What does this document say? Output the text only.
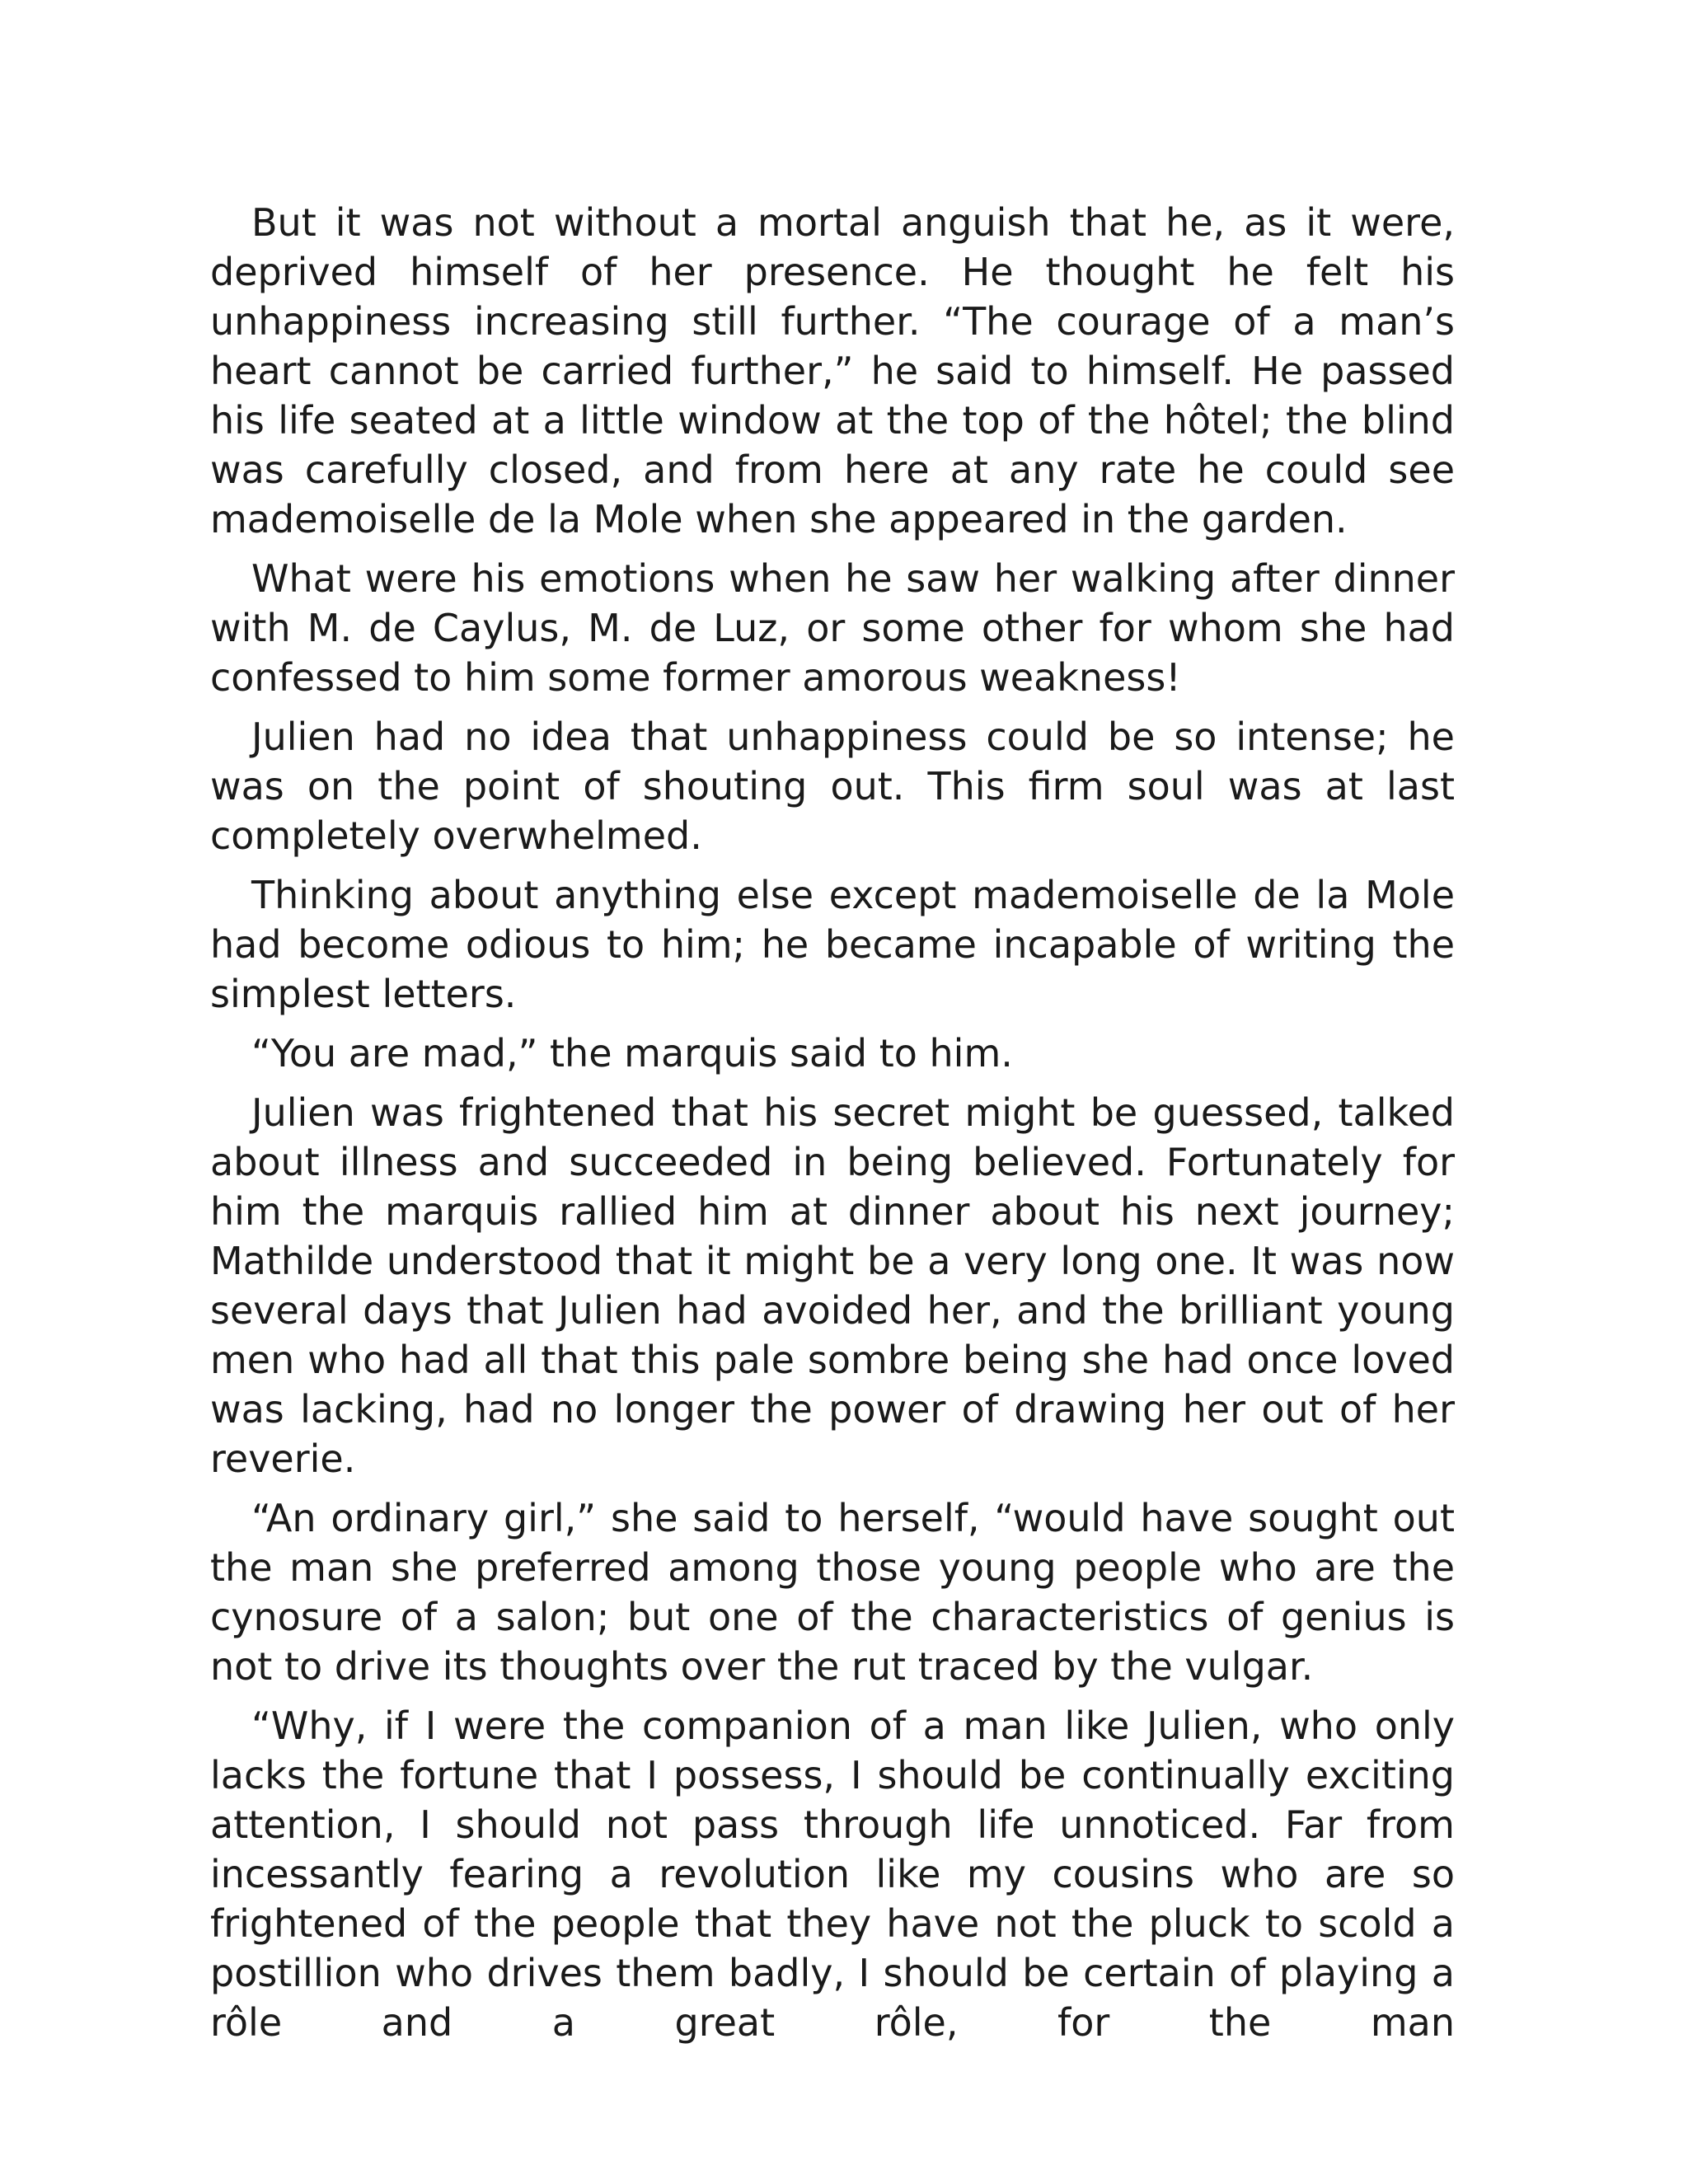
But it was not without a mortal anguish that he, as it were, deprived himself of her presence. He thought he felt his unhappiness increasing still further. “The courage of a man’s heart cannot be carried further,” he said to himself. He passed his life seated at a little window at the top of the hôtel; the blind was carefully closed, and from here at any rate he could see mademoiselle de la Mole when she appeared in the garden.

What were his emotions when he saw her walking after dinner with M. de Caylus, M. de Luz, or some other for whom she had confessed to him some former amorous weakness!

Julien had no idea that unhappiness could be so intense; he was on the point of shouting out. This firm soul was at last completely overwhelmed.

Thinking about anything else except mademoiselle de la Mole had become odious to him; he became incapable of writing the simplest letters.

“You are mad,” the marquis said to him.

Julien was frightened that his secret might be guessed, talked about illness and succeeded in being believed. Fortunately for him the marquis rallied him at dinner about his next journey; Mathilde understood that it might be a very long one. It was now several days that Julien had avoided her, and the brilliant young men who had all that this pale sombre being she had once loved was lacking, had no longer the power of drawing her out of her reverie.

“An ordinary girl,” she said to herself, “would have sought out the man she preferred among those young people who are the cynosure of a salon; but one of the characteristics of genius is not to drive its thoughts over the rut traced by the vulgar.

“Why, if I were the companion of a man like Julien, who only lacks the fortune that I possess, I should be continually exciting attention, I should not pass through life unnoticed. Far from incessantly fearing a revolution like my cousins who are so frightened of the people that they have not the pluck to scold a postillion who drives them badly, I should be certain of playing a rôle and a great rôle, for the man
